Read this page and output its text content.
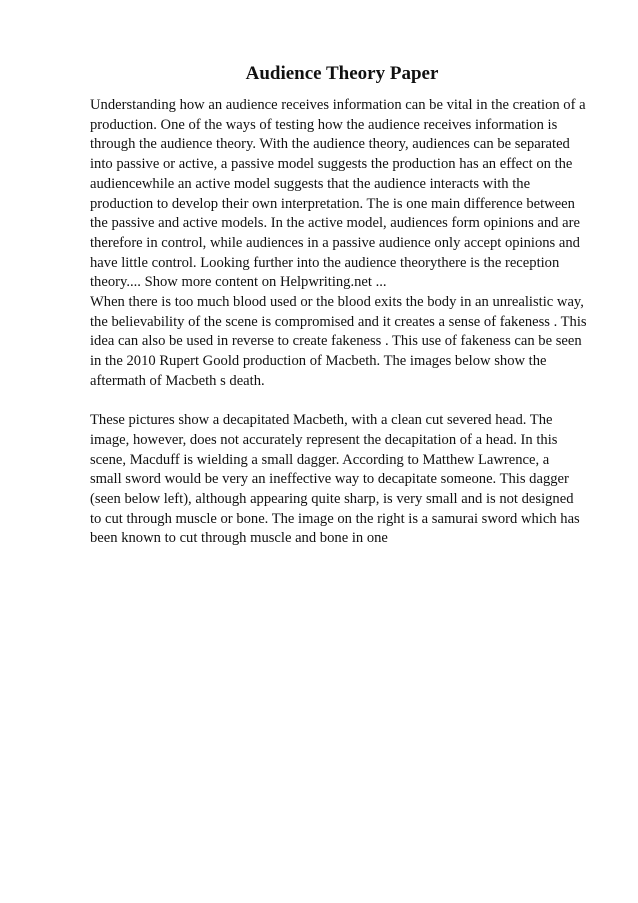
Audience Theory Paper
Understanding how an audience receives information can be vital in the creation of a
production. One of the ways of testing how the audience receives information is
through the audience theory. With the audience theory, audiences can be separated
into passive or active, a passive model suggests the production has an effect on the
audiencewhile an active model suggests that the audience interacts with the
production to develop their own interpretation. The is one main difference between
the passive and active models. In the active model, audiences form opinions and are
therefore in control, while audiences in a passive audience only accept opinions and
have little control. Looking further into the audience theorythere is the reception
theory.... Show more content on Helpwriting.net ...
When there is too much blood used or the blood exits the body in an unrealistic way,
the believability of the scene is compromised and it creates a sense of fakeness . This
idea can also be used in reverse to create fakeness . This use of fakeness can be seen
in the 2010 Rupert Goold production of Macbeth. The images below show the
aftermath of Macbeth s death.
These pictures show a decapitated Macbeth, with a clean cut severed head. The
image, however, does not accurately represent the decapitation of a head. In this
scene, Macduff is wielding a small dagger. According to Matthew Lawrence, a
small sword would be very an ineffective way to decapitate someone. This dagger
(seen below left), although appearing quite sharp, is very small and is not designed
to cut through muscle or bone. The image on the right is a samurai sword which has
been known to cut through muscle and bone in one
